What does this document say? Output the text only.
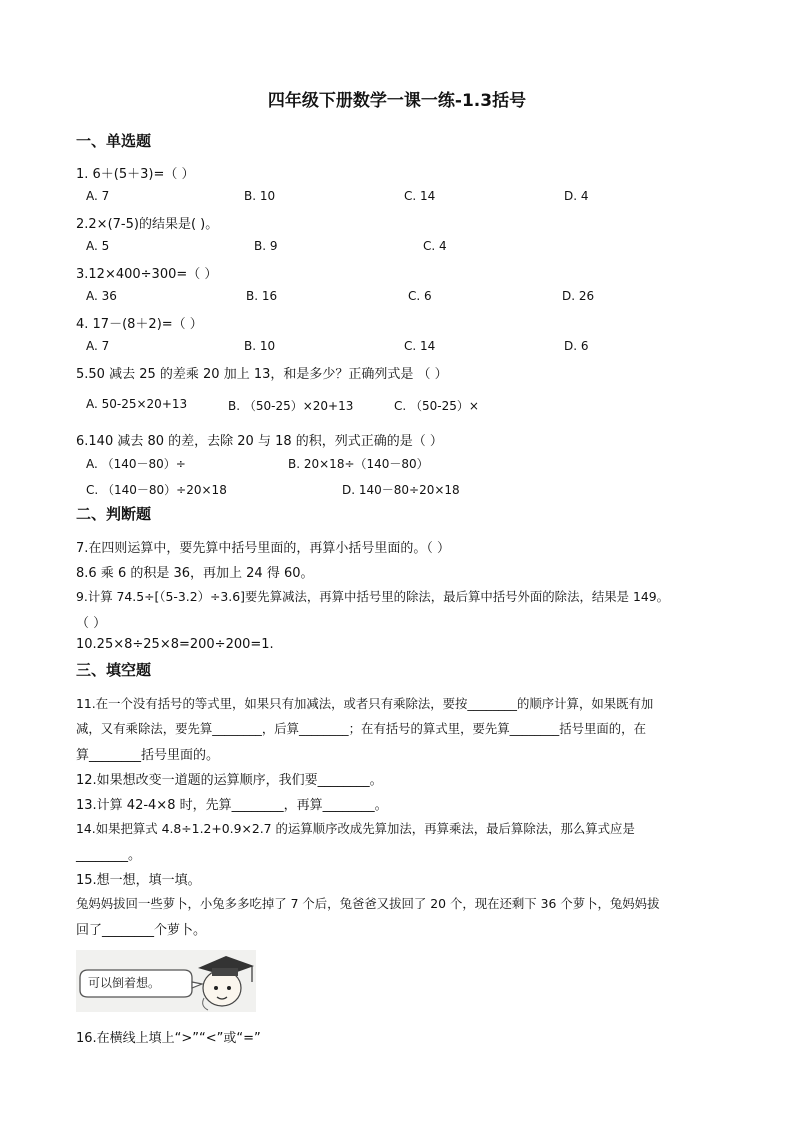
四年级下册数学一课一练-1.3括号
一、单选题
1. 6＋(5＋3)=（ ）
A. 7	B. 10	C. 14	D. 4
2.2×(7-5)的结果是( )。
A. 5	B. 9	C. 4
3.12×400÷300=（ ）
A. 36	B. 16	C. 6	D. 26
4. 17－(8＋2)=（ ）
A. 7	B. 10	C. 14	D. 6
5.50 减去 25 的差乘 20 加上 13，和是多少？正确列式是 （ ）
A. 50-25×20+13	B. （50-25）×20+13	C. （50-25）×
6.140 减去 80 的差，去除 20 与 18 的积，列式正确的是（ ）
A. （140－80）÷	B. 20×18÷（140－80）
C. （140－80）÷20×18	D. 140－80÷20×18
二、判断题
7.在四则运算中，要先算中括号里面的，再算小括号里面的。（ ）
8.6 乘 6 的积是 36，再加上 24 得 60。
9.计算 74.5÷[（5-3.2）÷3.6]要先算减法，再算中括号里的除法，最后算中括号外面的除法，结果是 149。
（ ）
10.25×8÷25×8=200÷200=1.
三、填空题
11.在一个没有括号的等式里，如果只有加减法，或者只有乘除法，要按________的顺序计算，如果既有加
减，又有乘除法，要先算________，后算________；在有括号的算式里，要先算________括号里面的，在
算________括号里面的。
12.如果想改变一道题的运算顺序，我们要________。
13.计算 42-4×8 时，先算________，再算________。
14.如果把算式 4.8÷1.2+0.9×2.7 的运算顺序改成先算加法，再算乘法，最后算除法，那么算式应是
________。
15.想一想，填一填。
兔妈妈拔回一些萝卜，小兔多多吃掉了 7 个后，兔爸爸又拔回了 20 个，现在还剩下 36 个萝卜，兔妈妈拔
回了________个萝卜。
可以倒着想。
16.在横线上填上“>”“<”或“=”
